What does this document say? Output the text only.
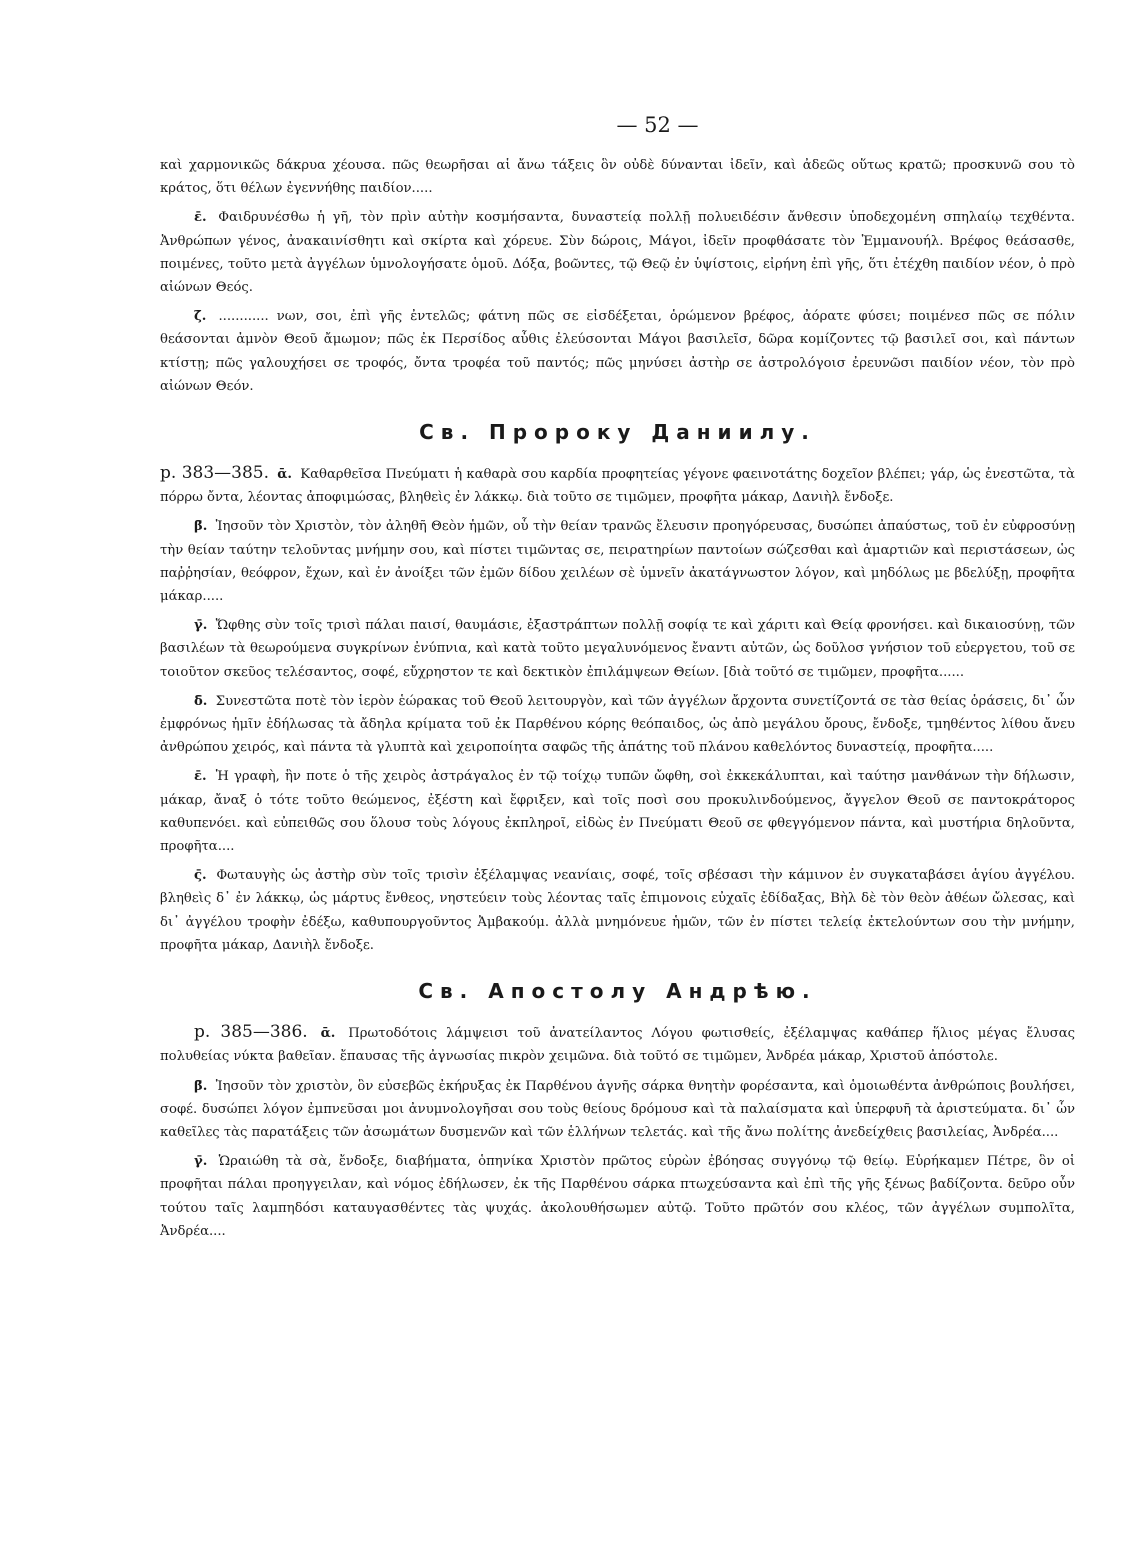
— 52 —

καὶ χαρμονικῶς δάκρυα χέουσα. πῶς θεωρῆσαι αἱ ἄνω τάξεις ὃν οὐδὲ δύνανται ἰδεῖν, καὶ ἀδεῶς οὕτως κρατῶ; προσκυνῶ σου τὸ κράτος, ὅτι θέλων ἐγεννήθης παιδίον.....

ε̄. Φαιδρυνέσθω ἡ γῆ, τὸν πρὶν αὐτὴν κοσμήσαντα, δυναστείᾳ πολλῇ πολυειδέσιν ἄνθεσιν ὑποδεχομένη σπηλαίῳ τεχθέντα. Ἀνθρώπων γένος, ἀνακαινίσθητι καὶ σκίρτα καὶ χόρευε. Σὺν δώροις, Μάγοι, ἰδεῖν προφθάσατε τὸν Ἐμμανουήλ. Βρέφος θεάσασθε, ποιμένες, τοῦτο μετὰ ἀγγέλων ὑμνολογήσατε ὁμοῦ. Δόξα, βοῶντες, τῷ Θεῷ ἐν ὑψίστοις, εἰρήνη ἐπὶ γῆς, ὅτι ἐτέχθη παιδίον νέον, ὁ πρὸ αἰώνων Θεός.

ζ̄. ............ νων, σοι, ἐπὶ γῆς ἐντελῶς; φάτνη πῶς σε εἰσδέξεται, ὁρώμενον βρέφος, ἀόρατε φύσει; ποιμένεσ πῶς σε πόλιν θεάσονται ἀμνὸν Θεοῦ ἄμωμον; πῶς ἐκ Περσίδος αὖθις ἐλεύσονται Μάγοι βασιλεῖσ, δῶρα κομίζοντες τῷ βασιλεῖ σοι, καὶ πάντων κτίστῃ; πῶς γαλουχήσει σε τροφός, ὄντα τροφέα τοῦ παντός; πῶς μηνύσει ἀστὴρ σε ἀστρολόγοισ ἐρευνῶσι παιδίον νέον, τὸν πρὸ αἰώνων Θεόν.

Св. Пророку Даниилу.

р. 383—385. ᾱ. Καθαρθεῖσα Πνεύματι ἡ καθαρὰ σου καρδία προφητείας γέγονε φαεινοτάτης δοχεῖον βλέπει; γάρ, ὡς ἐνεστῶτα, τὰ πόρρω ὄντα, λέοντας ἀποφιμώσας, βληθεὶς ἐν λάκκῳ. διὰ τοῦτο σε τιμῶμεν, προφῆτα μάκαρ, Δανιὴλ ἔνδοξε.

β̄. Ἰησοῦν τὸν Χριστὸν, τὸν ἀληθῆ Θεὸν ἡμῶν, οὗ τὴν θείαν τρανῶς ἔλευσιν προηγόρευσας, δυσώπει ἀπαύστως, τοῦ ἐν εὐφροσύνῃ τὴν θείαν ταύτην τελοῦντας μνήμην σου, καὶ πίστει τιμῶντας σε, πειρατηρίων παντοίων σώζεσθαι καὶ ἁμαρτιῶν καὶ περιστάσεων, ὡς παῤῥησίαν, θεόφρον, ἔχων, καὶ ἐν ἀνοίξει τῶν ἐμῶν δίδου χειλέων σὲ ὑμνεῖν ἀκατάγνωστον λόγον, καὶ μηδόλως με βδελύξῃ, προφῆτα μάκαρ.....

γ̄. Ὤφθης σὺν τοῖς τρισὶ πάλαι παισί, θαυμάσιε, ἐξαστράπτων πολλῇ σοφίᾳ τε καὶ χάριτι καὶ Θείᾳ φρονήσει. καὶ δικαιοσύνῃ, τῶν βασιλέων τὰ θεωρούμενα συγκρίνων ἐνύπνια, καὶ κατὰ τοῦτο μεγαλυνόμενος ἔναντι αὐτῶν, ὡς δοῦλοσ γνήσιον τοῦ εὐεργετου, τοῦ σε τοιοῦτον σκεῦος τελέσαντος, σοφέ, εὔχρηστον τε καὶ δεκτικὸν ἐπιλάμψεων Θείων. [διὰ τοῦτό σε τιμῶμεν, προφῆτα......

δ̄. Συνεστῶτα ποτὲ τὸν ἱερὸν ἑώρακας τοῦ Θεοῦ λειτουργὸν, καὶ τῶν ἀγγέλων ἄρχοντα συνετίζοντά σε τὰσ θείας ὁράσεις, δι᾽ ὧν ἐμφρόνως ἡμῖν ἐδήλωσας τὰ ἄδηλα κρίματα τοῦ ἐκ Παρθένου κόρης θεόπαιδος, ὡς ἀπὸ μεγάλου ὄρους, ἔνδοξε, τμηθέντος λίθου ἄνευ ἀνθρώπου χειρός, καὶ πάντα τὰ γλυπτὰ καὶ χειροποίητα σαφῶς τῆς ἀπάτης τοῦ πλάνου καθελόντος δυναστείᾳ, προφῆτα.....

ε̄. Ἡ γραφὴ, ἣν ποτε ὁ τῆς χειρὸς ἀστράγαλος ἐν τῷ τοίχῳ τυπῶν ὤφθη, σοὶ ἐκκεκάλυπται, καὶ ταύτησ μανθάνων τὴν δήλωσιν, μάκαρ, ἄναξ ὁ τότε τοῦτο θεώμενος, ἐξέστη καὶ ἔφριξεν, καὶ τοῖς ποσὶ σου προκυλινδούμενος, ἄγγελον Θεοῦ σε παντοκράτορος καθυπενόει. καὶ εὐπειθῶς σου ὅλουσ τοὺς λόγους ἐκπληροῖ, εἰδὼς ἐν Πνεύματι Θεοῦ σε φθεγγόμενον πάντα, καὶ μυστήρια δηλοῦντα, προφῆτα....

ς̄. Φωταυγὴς ὡς ἀστὴρ σὺν τοῖς τρισὶν ἐξέλαμψας νεανίαις, σοφέ, τοῖς σβέσασι τὴν κάμινον ἐν συγκαταβάσει ἁγίου ἀγγέλου. βληθεὶς δ᾽ ἐν λάκκῳ, ὡς μάρτυς ἔνθεος, νηστεύειν τοὺς λέοντας ταῖς ἐπιμονοις εὐχαῖς ἐδίδαξας, Βὴλ δὲ τὸν θεὸν ἀθέων ὤλεσας, καὶ δι᾽ ἀγγέλου τροφὴν ἐδέξω, καθυπουργοῦντος Ἀμβακούμ. ἀλλὰ μνημόνευε ἡμῶν, τῶν ἐν πίστει τελείᾳ ἐκτελούντων σου τὴν μνήμην, προφῆτα μάκαρ, Δανιὴλ ἔνδοξε.

Св. Апостолу Андрѣю.

р. 385—386. ᾱ. Πρωτοδότοις λάμψεισι τοῦ ἀνατείλαντος Λόγου φωτισθείς, ἐξέλαμψας καθάπερ ἥλιος μέγας ἔλυσας πολυθείας νύκτα βαθεῖαν. ἔπαυσας τῆς ἀγνωσίας πικρὸν χειμῶνα. διὰ τοῦτό σε τιμῶμεν, Ἀνδρέα μάκαρ, Χριστοῦ ἀπόστολε.

β̄. Ἰησοῦν τὸν χριστὸν, ὃν εὐσεβῶς ἐκήρυξας ἐκ Παρθένου ἁγνῆς σάρκα θνητὴν φορέσαντα, καὶ ὁμοιωθέντα ἀνθρώποις βουλήσει, σοφέ. δυσώπει λόγον ἐμπνεῦσαι μοι ἀνυμνολογῆσαι σου τοὺς θείους δρόμουσ καὶ τὰ παλαίσματα καὶ ὑπερφυῆ τὰ ἀριστεύματα. δι᾽ ὧν καθεῖλες τὰς παρατάξεις τῶν ἀσωμάτων δυσμενῶν καὶ τῶν ἑλλήνων τελετάς. καὶ τῆς ἄνω πολίτης ἀνεδείχθεις βασιλείας, Ἀνδρέα....

γ̄. Ὡραιώθη τὰ σὰ, ἔνδοξε, διαβήματα, ὁπηνίκα Χριστὸν πρῶτος εὑρὼν ἐβόησας συγγόνῳ τῷ θείῳ. Εὑρήκαμεν Πέτρε, ὃν οἱ προφῆται πάλαι προηγγειλαν, καὶ νόμος ἐδήλωσεν, ἐκ τῆς Παρθένου σάρκα πτωχεύσαντα καὶ ἐπὶ τῆς γῆς ξένως βαδίζοντα. δεῦρο οὖν τούτου ταῖς λαμπηδόσι καταυγασθέντες τὰς ψυχάς. ἀκολουθήσωμεν αὐτῷ. Τοῦτο πρῶτόν σου κλέος, τῶν ἀγγέλων συμπολῖτα, Ἀνδρέα....
